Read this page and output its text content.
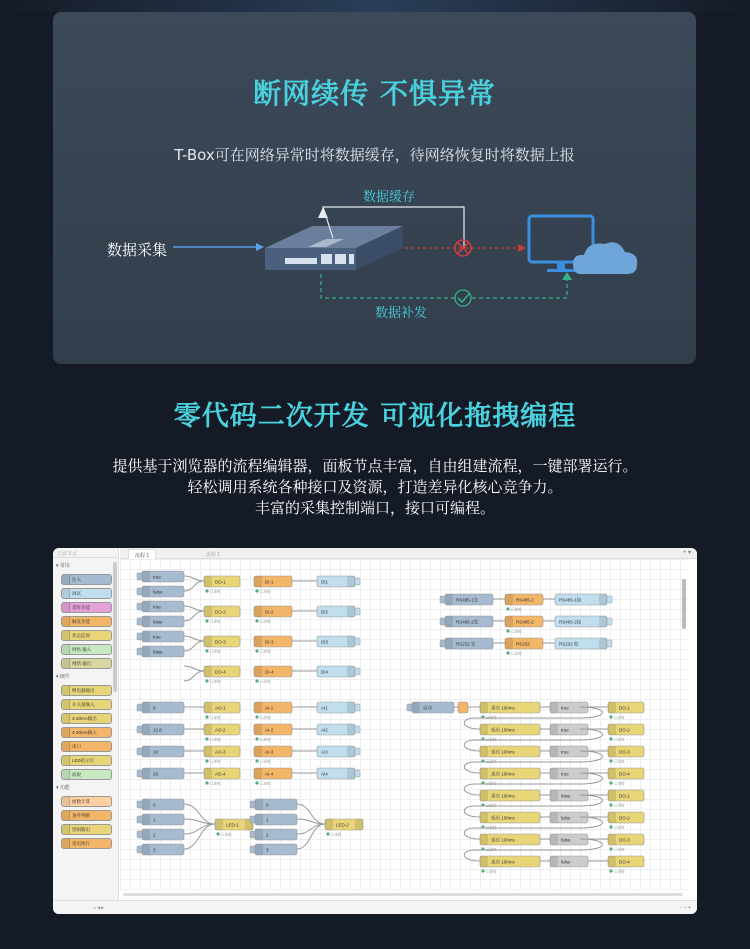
断网续传 不惧异常
T-Box可在网络异常时将数据缓存，待网络恢复时将数据上报
数据采集
数据缓存
数据补发
零代码二次开发 可视化拖拽编程
提供基于浏览器的流程编辑器，面板节点丰富，自由组建流程，一键部署运行。
轻松调用系统各种接口及资源，打造差异化核心竞争力。
丰富的采集控制端口，接口可编程。
过滤节点
▾ 常用
注入
调试
延时功能
触发功能
状态监视
网络 输入
网络 输出
▾ 硬件
继电器输出
开关量输入
4-20mA输出
4-20mA输入
串口
LED指示灯
面板
▾ 功能
函数计算
条件判断
逻辑输出
延迟执行
流程 1	流程 1	+ ▾
true
false
true
false
true
false
DO-1
已连接
DI-1
已连接
DI1
DO-2
已连接
DI-2
已连接
DI2
DO-3
已连接
DI-3
已连接
DI3
DO-4
已连接
DI-4
已连接
DI4
8	AO-1
已连接
AI-1
已连接
AI1
12.8	AO-2
已连接
AI-2
已连接
AI2
10	AO-3
已连接
AI-3
已连接
AI3
20	AO-4
已连接
AI-4
已连接
AI4
0
1
2
3
LED-1
已连接
0
1
2
3
LED-2
已连接
RS485-1发	RS485-1
已连接
RS485-1接
RS485-2发	RS485-2
已连接
RS485-2接
RS232 发	RS232
已连接
RS232 收
启动	延迟 100ms
已连接
true	DO-1
已连接
延迟 100ms
已连接
true	DO-2
已连接
延迟 100ms
已连接
true	DO-3
已连接
延迟 100ms
已连接
true	DO-4
已连接
延迟 100ms
已连接
false	DO-1
已连接
延迟 100ms
已连接
false	DO-2
已连接
延迟 100ms
已连接
false	DO-3
已连接
延迟 100ms
已连接
false	DO-4
已连接
⌂ ◂ ▸	− ○ +
